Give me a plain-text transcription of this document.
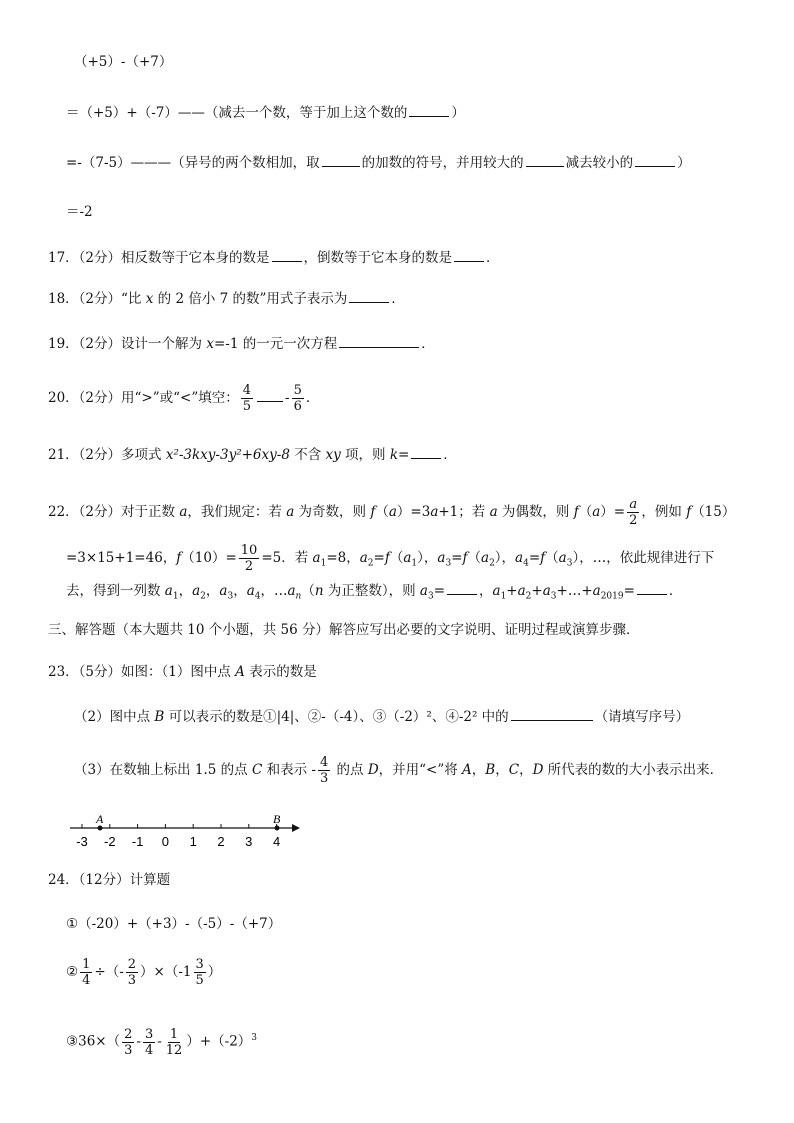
（+5）-（+7）
＝（+5）+（-7）——（减去一个数，等于加上这个数的	）
=-（7-5）———（异号的两个数相加，取	的加数的符号，并用较大的	减去较小的	）
＝-2
17．（2分）相反数等于它本身的数是	，倒数等于它本身的数是	．
18．（2分）“比 x 的 2 倍小 7 的数”用式子表示为	．
19．（2分）设计一个解为 x=-1 的一元一次方程	．
20．（2分）用“>”或“<”填空： $\frac{4}{5} - \frac{5}{6}$ ．
21．（2分）多项式 x²-3kxy-3y²+6xy-8 不含 xy 项，则 k=	．
22．（2分）对于正数 a，我们规定：若 a 为奇数，则 f（a）=3a+1；若 a 为偶数，则 $f(a)= \frac{a}{2}$ ，例如 f（15）
=3×15+1=46，$f(10)= \frac{10}{2} =5$．若 $a_1=8$，$a_2=f(a_1)$，$a_3=f(a_2)$，$a_4=f(a_3)$，…，依此规律进行下
去，得到一列数 $a_1$，$a_2$，$a_3$，$a_4$，$\dots a_n(n$ 为正整数），则 $a_3=$	，$a_1+a_2+a_3+\dots+a_{2019}=$	．
三、解答题（本大题共 10 个小题，共 56 分）解答应写出必要的文字说明、证明过程或演算步骤．
23．（5分）如图：（1）图中点 A 表示的数是
（2）图中点 B 可以表示的数是①|4|、②-（-4）、③（-2）²、④-2² 中的	（请填写序号）
（3）在数轴上标出 1.5 的点 C 和表示 - $\frac{4}{3}$ 的点 D，并用“<”将 A，B，C，D 所代表的数的大小表示出来．
-3 -2 -1 0 1 2 3 4
A	B
24．（12分）计算题
①（-20）+（+3）-（-5）-（+7）
② $\frac{1}{4}$ ÷（- $\frac{2}{3} )\times(-1 \frac{3}{5}$ ）
③36×（ $\frac{2}{3} - \frac{3}{4} - \frac{1}{12} )+(-2)^3$
